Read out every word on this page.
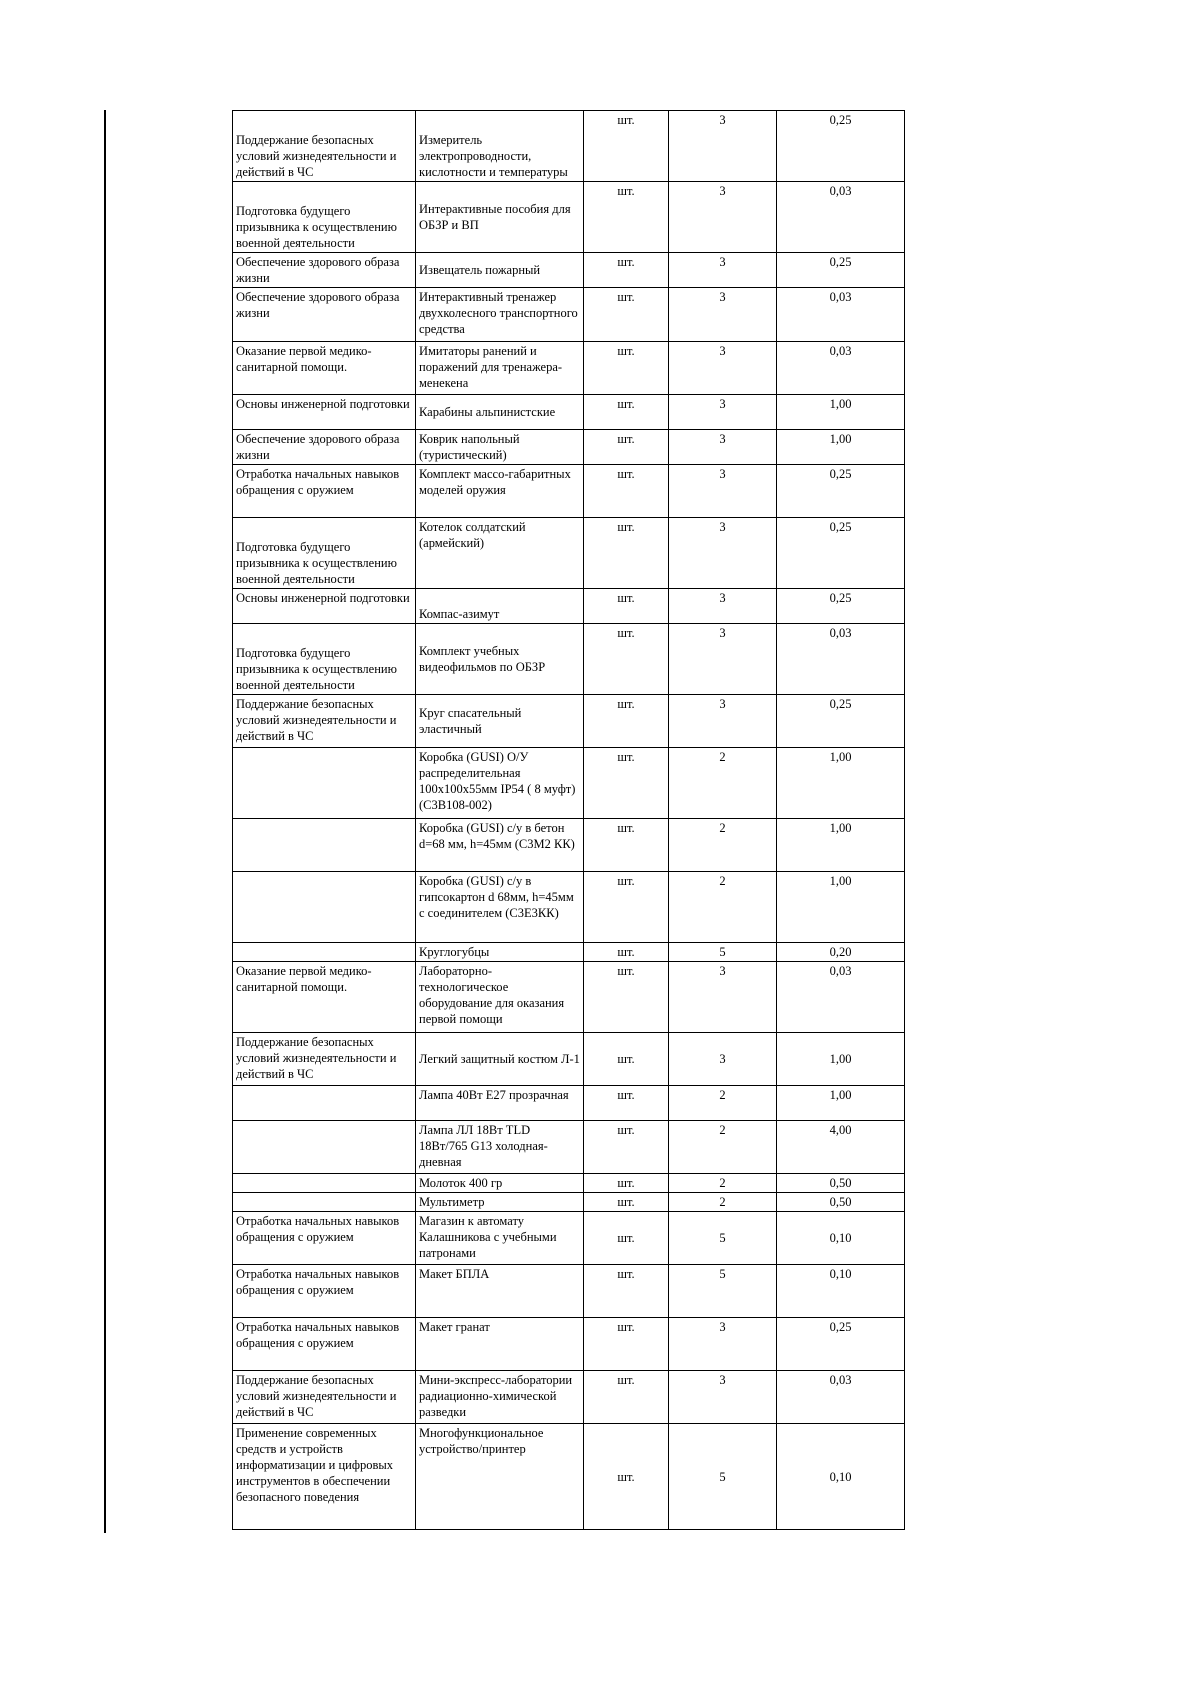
Поддержание безопасных условий жизнедеятельности и действий в ЧС	Измеритель электропроводности, кислотности и температуры	шт.	3	0,25
Подготовка будущего призывника к осуществлению военной деятельности	Интерактивные пособия для ОБЗР и ВП	шт.	3	0,03
Обеспечение здорового образа жизни	Извещатель пожарный	шт.	3	0,25
Обеспечение здорового образа жизни	Интерактивный тренажер двухколесного транспортного средства	шт.	3	0,03
Оказание первой медико-санитарной помощи.	Имитаторы ранений и поражений для тренажера-менекена	шт.	3	0,03
Основы инженерной подготовки	Карабины альпинистские	шт.	3	1,00
Обеспечение здорового образа жизни	Коврик напольный (туристический)	шт.	3	1,00
Отработка начальных навыков обращения с оружием	Комплект массо-габаритных моделей оружия	шт.	3	0,25
Подготовка будущего призывника к осуществлению военной деятельности	Котелок солдатский (армейский)	шт.	3	0,25
Основы инженерной подготовки	Компас-азимут	шт.	3	0,25
Подготовка будущего призывника к осуществлению военной деятельности	Комплект учебных видеофильмов по ОБЗР	шт.	3	0,03
Поддержание безопасных условий жизнедеятельности и действий в ЧС	Круг спасательный эластичный	шт.	3	0,25
	Коробка (GUSI) О/У распределительная 100х100х55мм IP54 ( 8 муфт) (С3В108-002)	шт.	2	1,00
	Коробка (GUSI) с/у в бетон d=68 мм, h=45мм (С3М2 КК)	шт.	2	1,00
	Коробка (GUSI) с/у в гипсокартон d 68мм, h=45мм с соединителем (С3Е3КК)	шт.	2	1,00
	Круглогубцы	шт.	5	0,20
Оказание первой медико-санитарной помощи.	Лабораторно-технологическое оборудование для оказания первой помощи	шт.	3	0,03
Поддержание безопасных условий жизнедеятельности и действий в ЧС	Легкий защитный костюм Л-1	шт.	3	1,00
	Лампа 40Вт Е27 прозрачная	шт.	2	1,00
	Лампа ЛЛ 18Вт TLD 18Вт/765 G13 холодная-дневная	шт.	2	4,00
	Молоток 400 гр	шт.	2	0,50
	Мультиметр	шт.	2	0,50
Отработка начальных навыков обращения с оружием	Магазин к автомату Калашникова с учебными патронами	шт.	5	0,10
Отработка начальных навыков обращения с оружием	Макет БПЛА	шт.	5	0,10
Отработка начальных навыков обращения с оружием	Макет гранат	шт.	3	0,25
Поддержание безопасных условий жизнедеятельности и действий в ЧС	Мини-экспресс-лаборатории радиационно-химической разведки	шт.	3	0,03
Применение современных средств и устройств информатизации и цифровых инструментов в обеспечении безопасного поведения	Многофункциональное устройство/принтер	шт.	5	0,10
